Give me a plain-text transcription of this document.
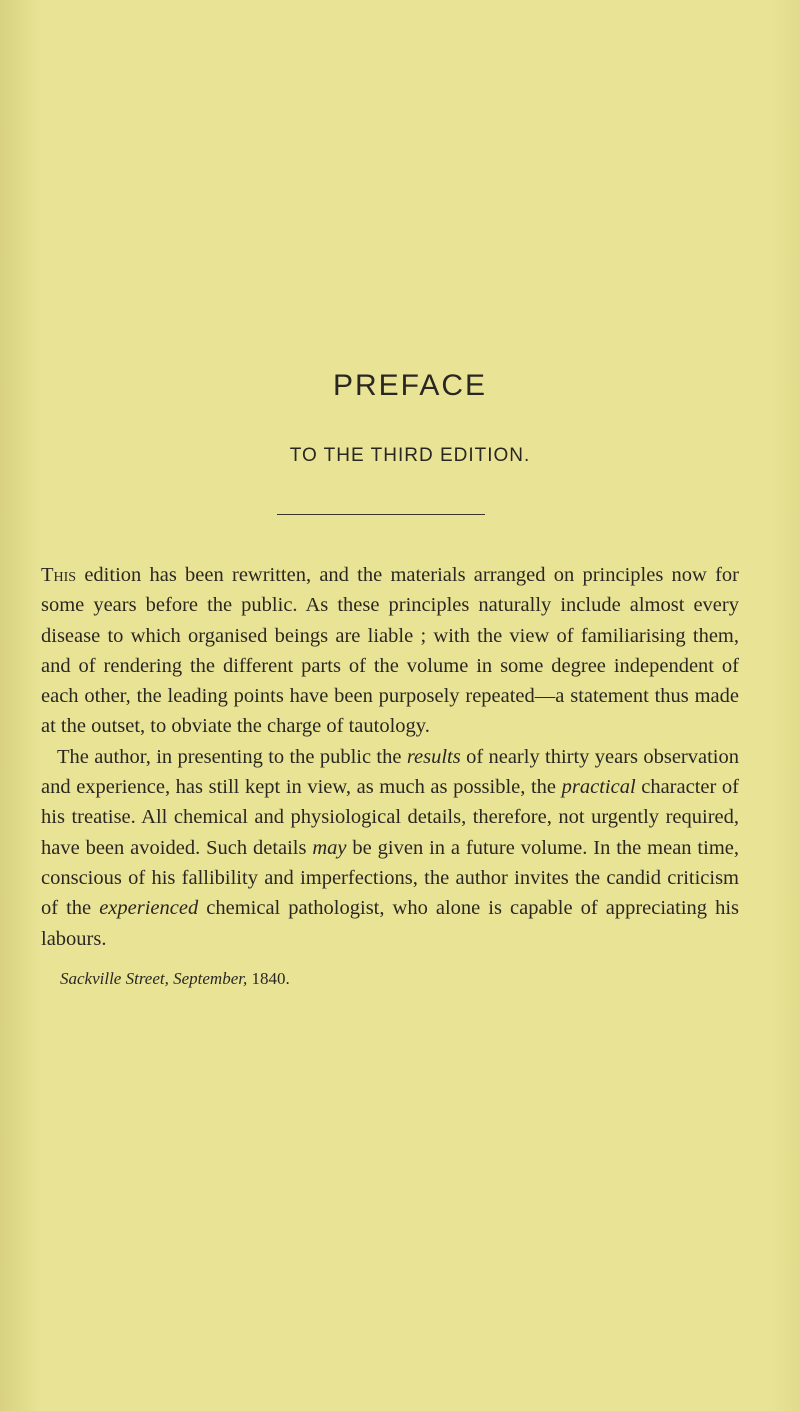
PREFACE
TO THE THIRD EDITION.

This edition has been rewritten, and the materials arranged on principles now for some years before the public. As these principles naturally include almost every disease to which organised beings are liable ; with the view of familiarising them, and of rendering the different parts of the volume in some degree independent of each other, the leading points have been purposely repeated—a statement thus made at the outset, to obviate the charge of tautology.

The author, in presenting to the public the results of nearly thirty years observation and experience, has still kept in view, as much as possible, the practical character of his treatise. All chemical and physiological details, therefore, not urgently required, have been avoided. Such details may be given in a future volume. In the mean time, conscious of his fallibility and imperfections, the author invites the candid criticism of the experienced chemical pathologist, who alone is capable of appreciating his labours.

Sackville Street, September, 1840.
